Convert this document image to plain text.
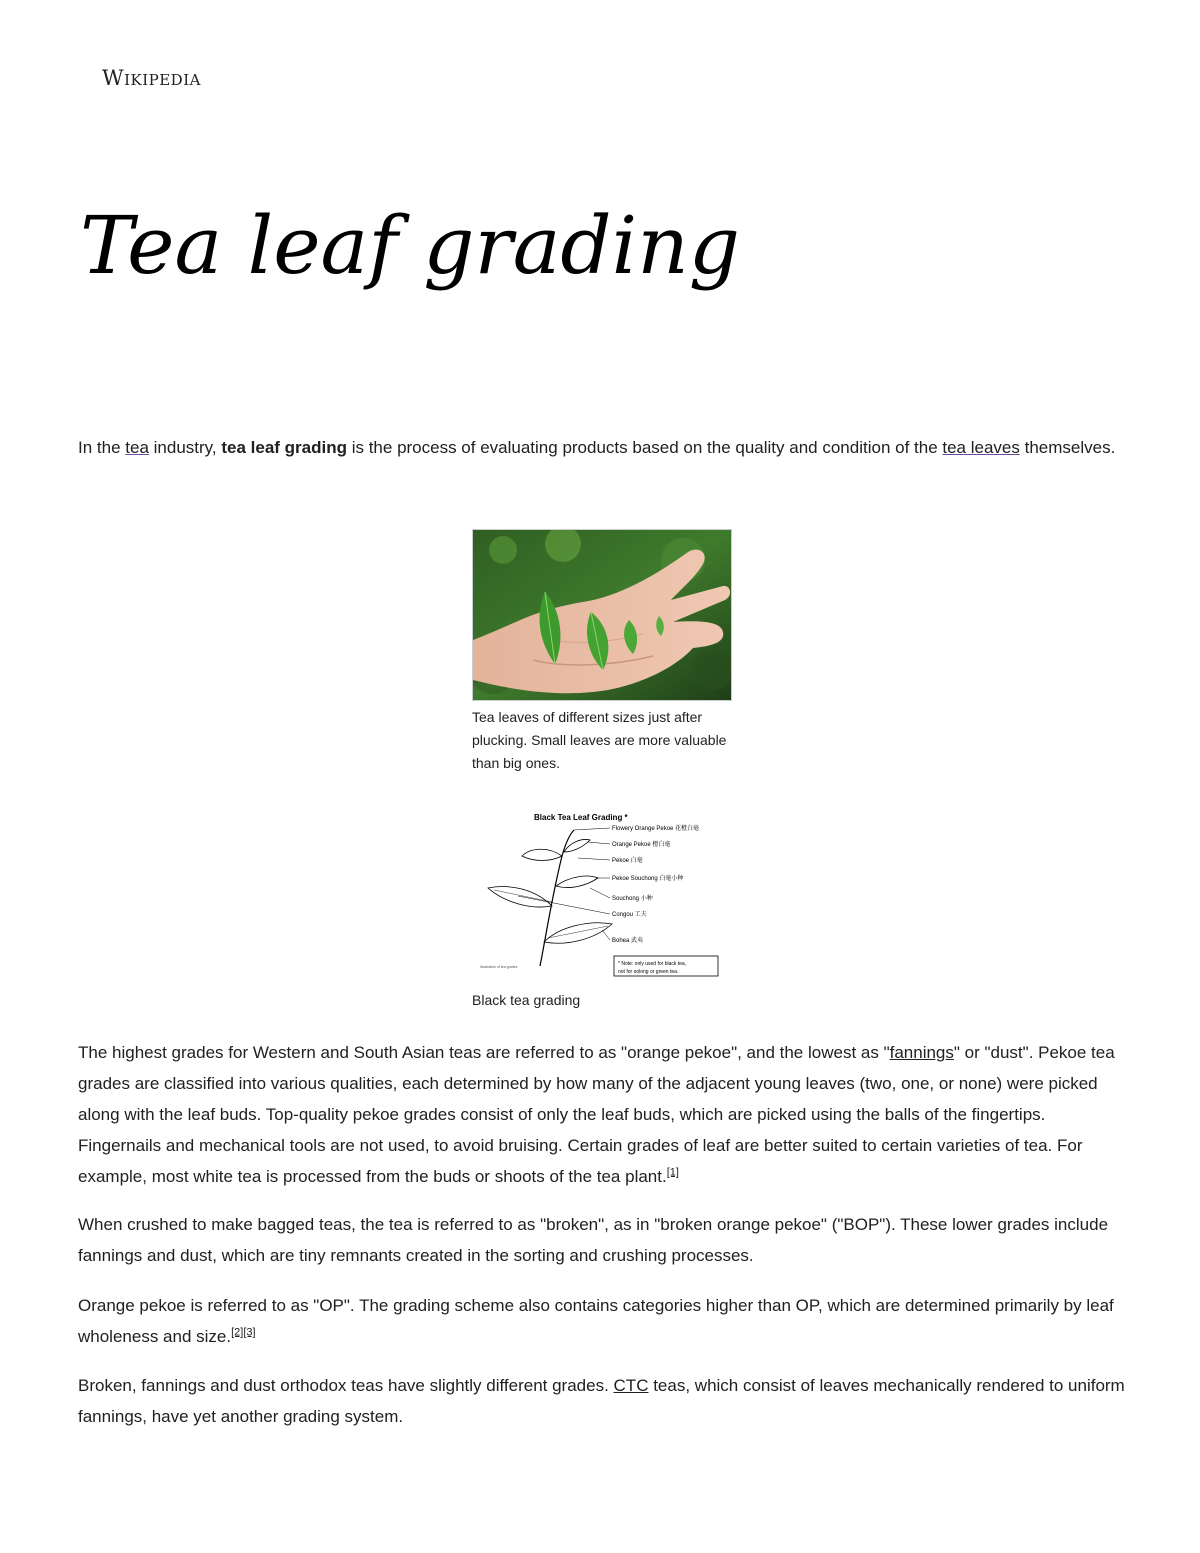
Wikipedia
Tea leaf grading

In the tea industry, tea leaf grading is the process of evaluating products based on the quality and condition of the tea leaves themselves.

Tea leaves of different sizes just after plucking. Small leaves are more valuable than big ones.
Black Tea Leaf Grading *
Flowery Orange Pekoe 花橙白毫
Orange Pekoe 橙白毫
Pekoe 白毫
Pekoe Souchong 白毫小种
Souchong 小种
Congou 工夫
Bohea 武夷
* Note: only used for black tea,
not for oolong or green tea.
Illustration of tea grades
Black tea grading

The highest grades for Western and South Asian teas are referred to as "orange pekoe", and the lowest as "fannings" or "dust". Pekoe tea grades are classified into various qualities, each determined by how many of the adjacent young leaves (two, one, or none) were picked along with the leaf buds. Top-quality pekoe grades consist of only the leaf buds, which are picked using the balls of the fingertips. Fingernails and mechanical tools are not used, to avoid bruising. Certain grades of leaf are better suited to certain varieties of tea. For example, most white tea is processed from the buds or shoots of the tea plant.[1]

When crushed to make bagged teas, the tea is referred to as "broken", as in "broken orange pekoe" ("BOP"). These lower grades include fannings and dust, which are tiny remnants created in the sorting and crushing processes.

Orange pekoe is referred to as "OP". The grading scheme also contains categories higher than OP, which are determined primarily by leaf wholeness and size.[2][3]

Broken, fannings and dust orthodox teas have slightly different grades. CTC teas, which consist of leaves mechanically rendered to uniform fannings, have yet another grading system.
